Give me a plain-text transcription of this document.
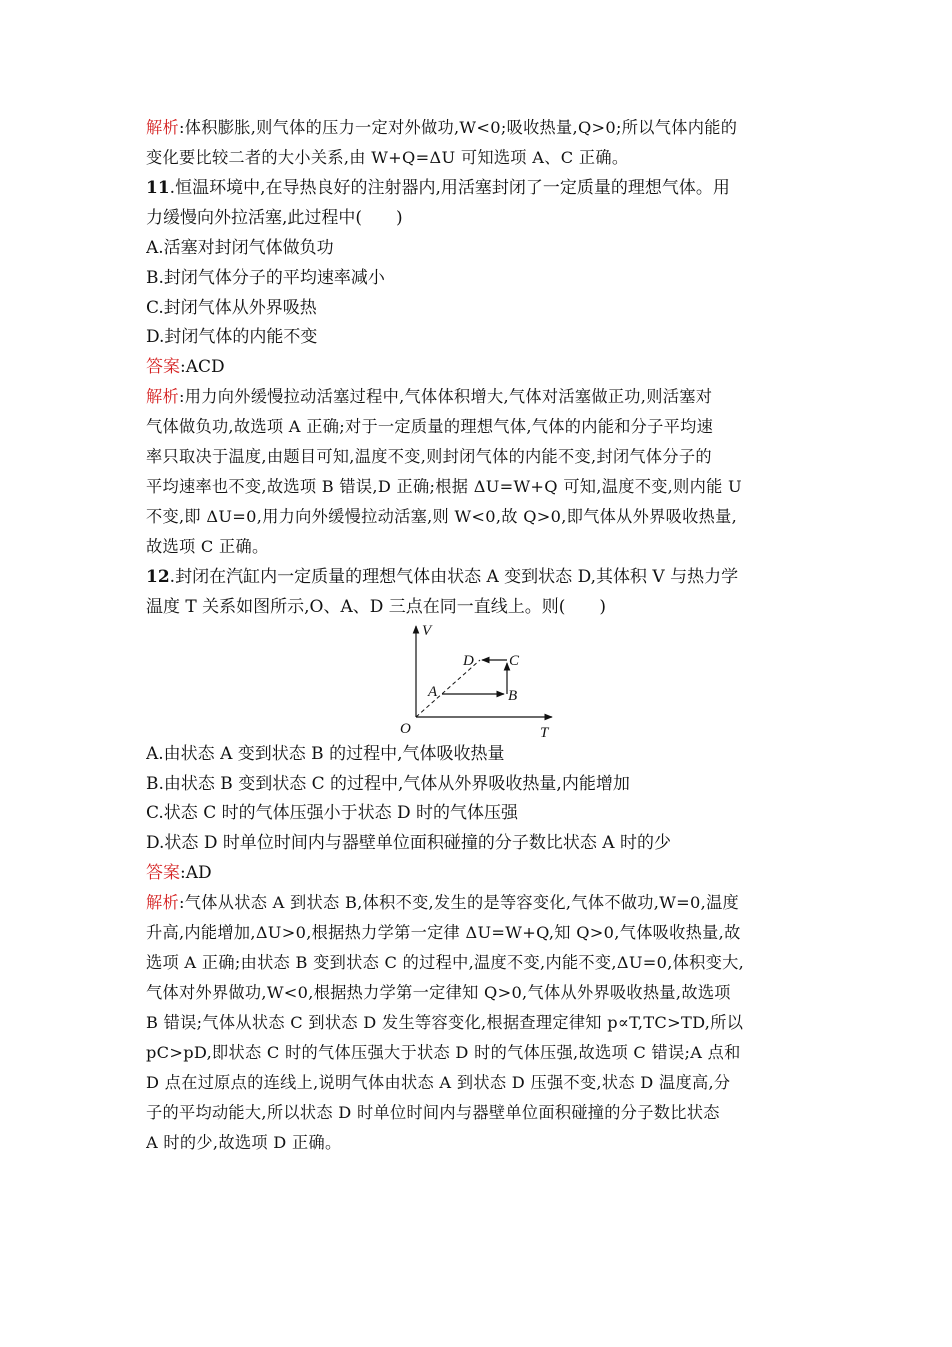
解析:体积膨胀,则气体的压力一定对外做功,W<0;吸收热量,Q>0;所以气体内能的
变化要比较二者的大小关系,由 W+Q=ΔU 可知选项 A、C 正确。
11.恒温环境中,在导热良好的注射器内,用活塞封闭了一定质量的理想气体。用
力缓慢向外拉活塞,此过程中(　　)
A.活塞对封闭气体做负功
B.封闭气体分子的平均速率减小
C.封闭气体从外界吸热
D.封闭气体的内能不变
答案:ACD
解析:用力向外缓慢拉动活塞过程中,气体体积增大,气体对活塞做正功,则活塞对
气体做负功,故选项 A 正确;对于一定质量的理想气体,气体的内能和分子平均速
率只取决于温度,由题目可知,温度不变,则封闭气体的内能不变,封闭气体分子的
平均速率也不变,故选项 B 错误,D 正确;根据 ΔU=W+Q 可知,温度不变,则内能 U
不变,即 ΔU=0,用力向外缓慢拉动活塞,则 W<0,故 Q>0,即气体从外界吸收热量,
故选项 C 正确。
12.封闭在汽缸内一定质量的理想气体由状态 A 变到状态 D,其体积 V 与热力学
温度 T 关系如图所示,O、A、D 三点在同一直线上。则(　　)
A.由状态 A 变到状态 B 的过程中,气体吸收热量
B.由状态 B 变到状态 C 的过程中,气体从外界吸收热量,内能增加
C.状态 C 时的气体压强小于状态 D 时的气体压强
D.状态 D 时单位时间内与器壁单位面积碰撞的分子数比状态 A 时的少
答案:AD
解析:气体从状态 A 到状态 B,体积不变,发生的是等容变化,气体不做功,W=0,温度
升高,内能增加,ΔU>0,根据热力学第一定律 ΔU=W+Q,知 Q>0,气体吸收热量,故
选项 A 正确;由状态 B 变到状态 C 的过程中,温度不变,内能不变,ΔU=0,体积变大,
气体对外界做功,W<0,根据热力学第一定律知 Q>0,气体从外界吸收热量,故选项
B 错误;气体从状态 C 到状态 D 发生等容变化,根据查理定律知 p∝T,TC>TD,所以
pC>pD,即状态 C 时的气体压强大于状态 D 时的气体压强,故选项 C 错误;A 点和
D 点在过原点的连线上,说明气体由状态 A 到状态 D 压强不变,状态 D 温度高,分
子的平均动能大,所以状态 D 时单位时间内与器壁单位面积碰撞的分子数比状态
A 时的少,故选项 D 正确。
V
T
O
A	B
C
D
